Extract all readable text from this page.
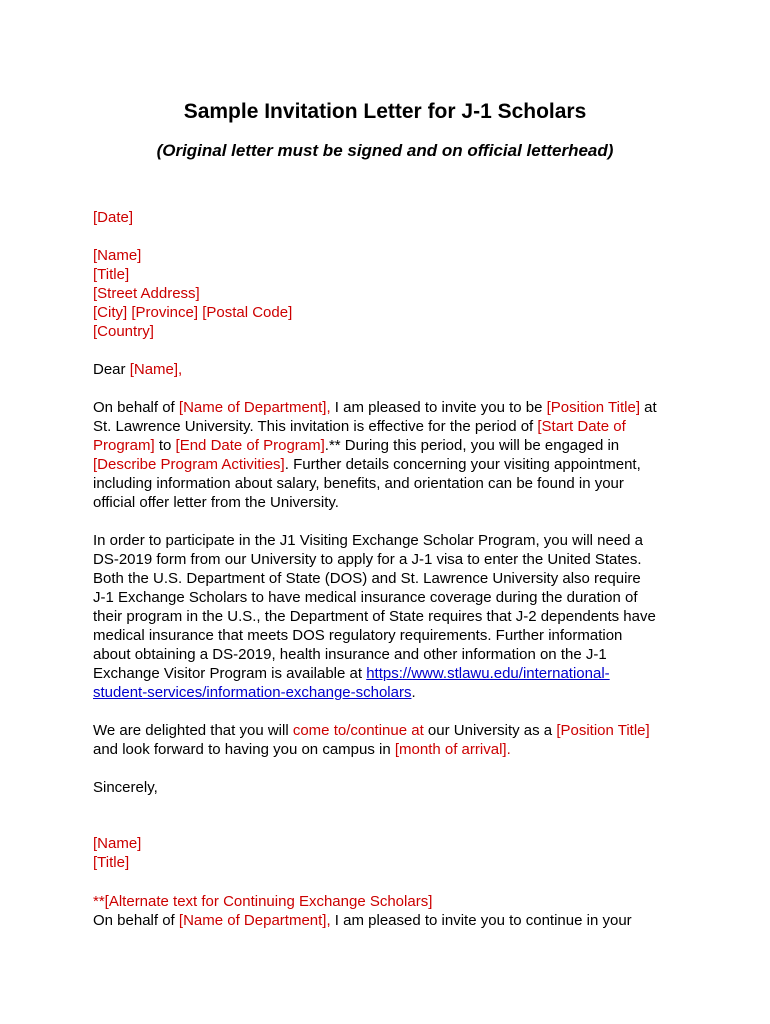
Sample Invitation Letter for J-1 Scholars
(Original letter must be signed and on official letterhead)
[Date]
[Name]
[Title]
[Street Address]
[City] [Province] [Postal Code]
[Country]
Dear [Name],
On behalf of [Name of Department], I am pleased to invite you to be [Position Title] at
St. Lawrence University. This invitation is effective for the period of [Start Date of
Program] to [End Date of Program].** During this period, you will be engaged in
[Describe Program Activities]. Further details concerning your visiting appointment,
including information about salary, benefits, and orientation can be found in your
official offer letter from the University.
In order to participate in the J1 Visiting Exchange Scholar Program, you will need a
DS-2019 form from our University to apply for a J-1 visa to enter the United States.
Both the U.S. Department of State (DOS) and St. Lawrence University also require
J-1 Exchange Scholars to have medical insurance coverage during the duration of
their program in the U.S., the Department of State requires that J-2 dependents have
medical insurance that meets DOS regulatory requirements. Further information
about obtaining a DS-2019, health insurance and other information on the J-1
Exchange Visitor Program is available at https://www.stlawu.edu/international-
student-services/information-exchange-scholars.
We are delighted that you will come to/continue at our University as a [Position Title]
and look forward to having you on campus in [month of arrival].
Sincerely,
[Name]
[Title]
**[Alternate text for Continuing Exchange Scholars]
On behalf of [Name of Department], I am pleased to invite you to continue in your
